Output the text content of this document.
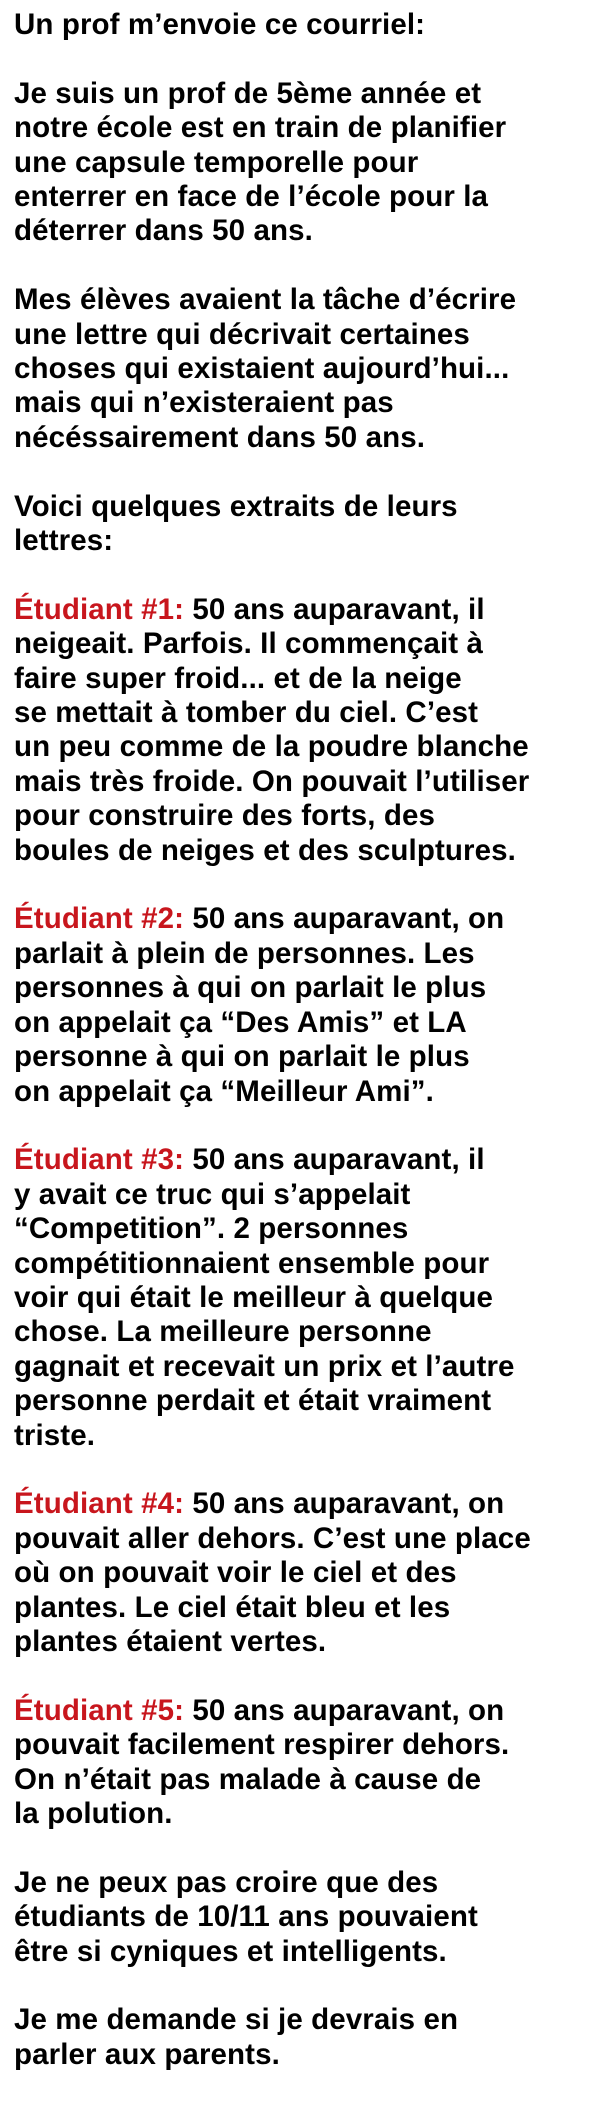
Un prof m’envoie ce courriel:
Je suis un prof de 5ème année et
notre école est en train de planifier
une capsule temporelle pour
enterrer en face de l’école pour la
déterrer dans 50 ans.
Mes élèves avaient la tâche d’écrire
une lettre qui décrivait certaines
choses qui existaient aujourd’hui...
mais qui n’existeraient pas
nécéssairement dans 50 ans.
Voici quelques extraits de leurs
lettres:
Étudiant #1: 50 ans auparavant, il
neigeait. Parfois. Il commençait à
faire super froid... et de la neige
se mettait à tomber du ciel. C’est
un peu comme de la poudre blanche
mais très froide. On pouvait l’utiliser
pour construire des forts, des
boules de neiges et des sculptures.
Étudiant #2: 50 ans auparavant, on
parlait à plein de personnes. Les
personnes à qui on parlait le plus
on appelait ça “Des Amis” et LA
personne à qui on parlait le plus
on appelait ça “Meilleur Ami”.
Étudiant #3: 50 ans auparavant, il
y avait ce truc qui s’appelait
“Competition”. 2 personnes
compétitionnaient ensemble pour
voir qui était le meilleur à quelque
chose. La meilleure personne
gagnait et recevait un prix et l’autre
personne perdait et était vraiment
triste.
Étudiant #4: 50 ans auparavant, on
pouvait aller dehors. C’est une place
où on pouvait voir le ciel et des
plantes. Le ciel était bleu et les
plantes étaient vertes.
Étudiant #5: 50 ans auparavant, on
pouvait facilement respirer dehors.
On n’était pas malade à cause de
la polution.
Je ne peux pas croire que des
étudiants de 10/11 ans pouvaient
être si cyniques et intelligents.
Je me demande si je devrais en
parler aux parents.
